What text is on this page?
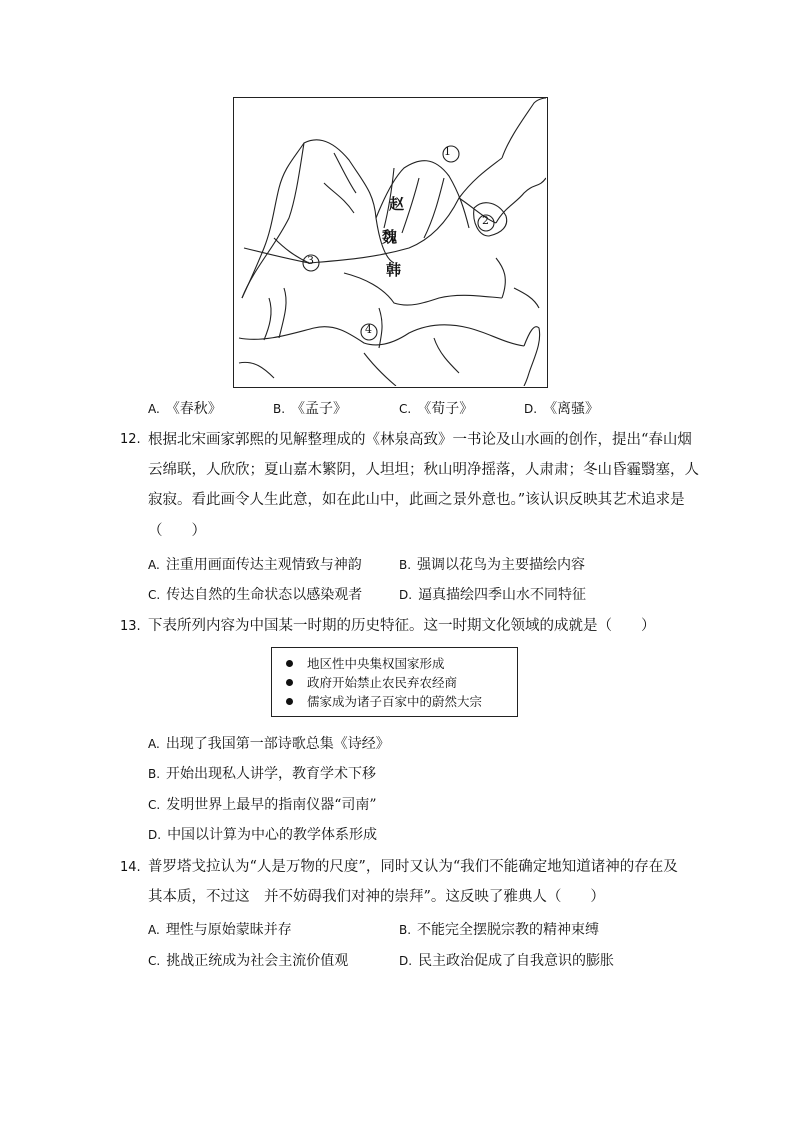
1
2
3
4
赵
魏
韩
A. 《春秋》	B. 《孟子》	C. 《荀子》	D. 《离骚》
12. 根据北宋画家郭熙的见解整理成的《林泉高致》一书论及山水画的创作，提出“春山烟
云绵联，人欣欣；夏山嘉木繁阴，人坦坦；秋山明净摇落，人肃肃；冬山昏霾翳塞，人
寂寂。看此画令人生此意，如在此山中，此画之景外意也。”该认识反映其艺术追求是
（　　）
A. 注重用画面传达主观情致与神韵	B. 强调以花鸟为主要描绘内容
C. 传达自然的生命状态以感染观者	D. 逼真描绘四季山水不同特征
13. 下表所列内容为中国某一时期的历史特征。这一时期文化领域的成就是（　　）
地区性中央集权国家形成
政府开始禁止农民弃农经商
儒家成为诸子百家中的蔚然大宗
A. 出现了我国第一部诗歌总集《诗经》
B. 开始出现私人讲学，教育学术下移
C. 发明世界上最早的指南仪器“司南”
D. 中国以计算为中心的教学体系形成
14. 普罗塔戈拉认为“人是万物的尺度”，同时又认为“我们不能确定地知道诸神的存在及
其本质，不过这　并不妨碍我们对神的崇拜”。这反映了雅典人（　　）
A. 理性与原始蒙昧并存	B. 不能完全摆脱宗教的精神束缚
C. 挑战正统成为社会主流价值观	D. 民主政治促成了自我意识的膨胀
